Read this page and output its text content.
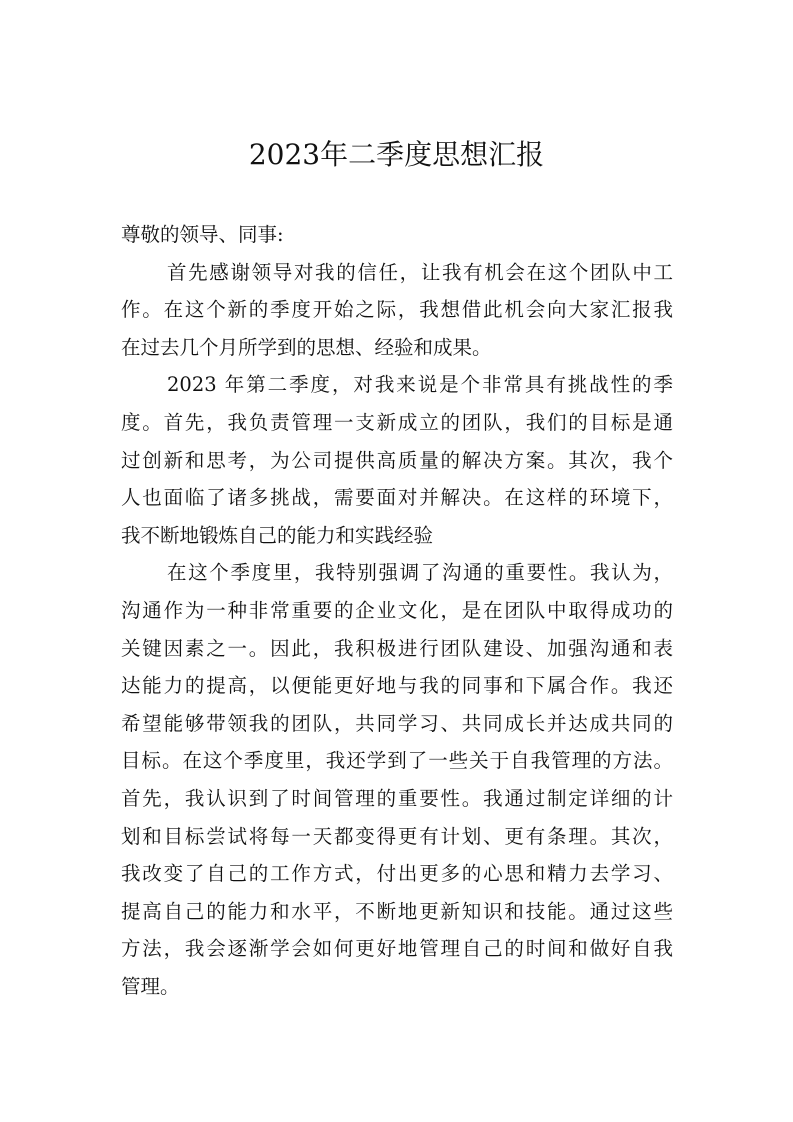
2023年二季度思想汇报
尊敬的领导、同事:
首先感谢领导对我的信任，让我有机会在这个团队中工
作。在这个新的季度开始之际，我想借此机会向大家汇报我
在过去几个月所学到的思想、经验和成果。
2023 年第二季度，对我来说是个非常具有挑战性的季
度。首先，我负责管理一支新成立的团队，我们的目标是通
过创新和思考，为公司提供高质量的解决方案。其次，我个
人也面临了诸多挑战，需要面对并解决。在这样的环境下，
我不断地锻炼自己的能力和实践经验
在这个季度里，我特别强调了沟通的重要性。我认为，
沟通作为一种非常重要的企业文化，是在团队中取得成功的
关键因素之一。因此，我积极进行团队建设、加强沟通和表
达能力的提高，以便能更好地与我的同事和下属合作。我还
希望能够带领我的团队，共同学习、共同成长并达成共同的
目标。在这个季度里，我还学到了一些关于自我管理的方法。
首先，我认识到了时间管理的重要性。我通过制定详细的计
划和目标尝试将每一天都变得更有计划、更有条理。其次，
我改变了自己的工作方式，付出更多的心思和精力去学习、
提高自己的能力和水平，不断地更新知识和技能。通过这些
方法，我会逐渐学会如何更好地管理自己的时间和做好自我
管理。
